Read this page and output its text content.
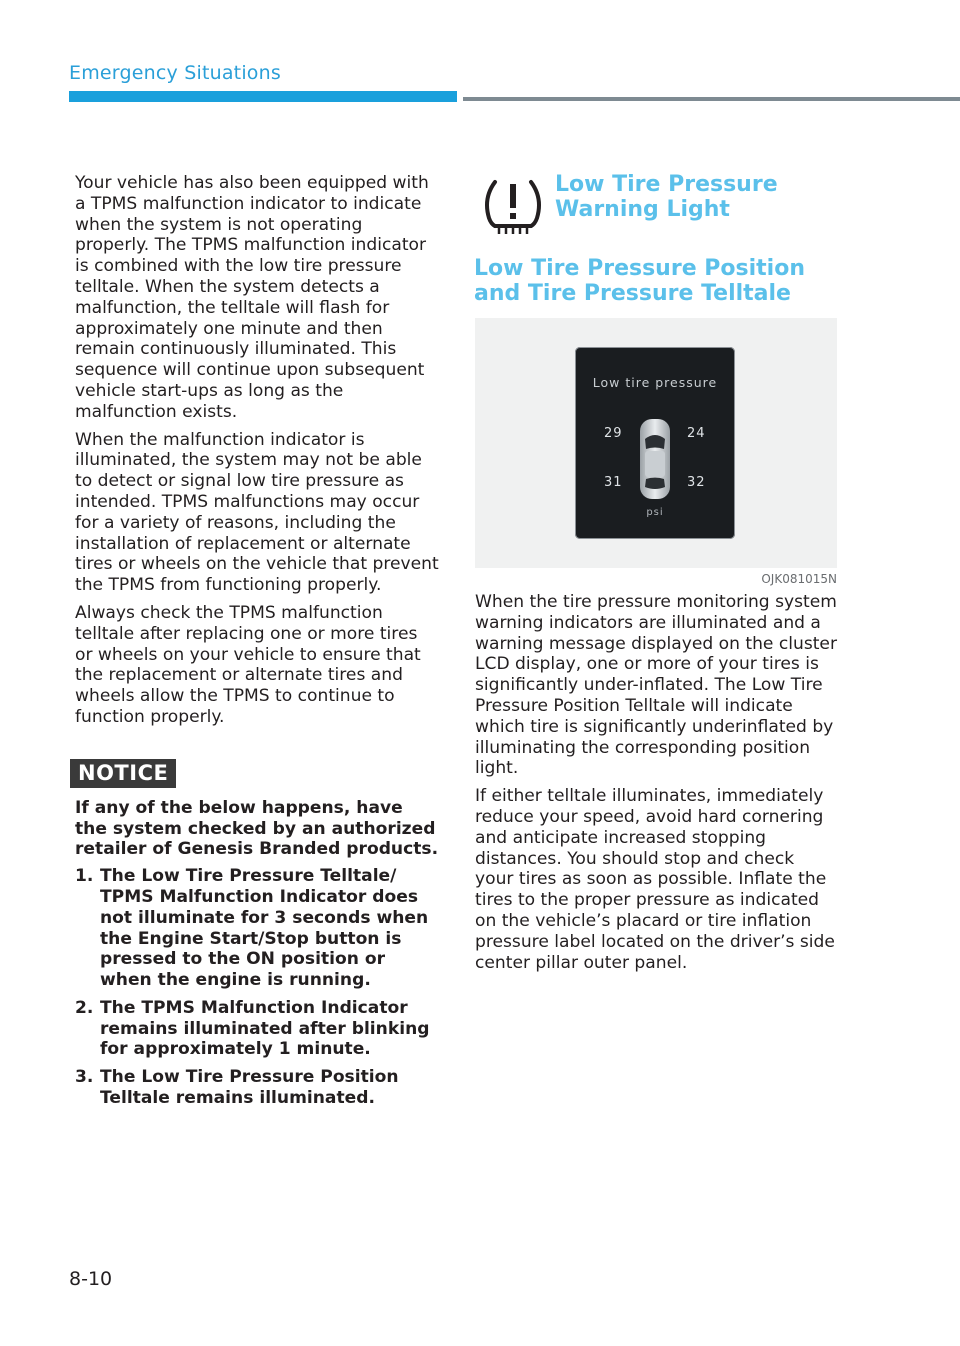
Emergency Situations

Your vehicle has also been equipped with a TPMS malfunction indicator to indicate when the system is not operating properly. The TPMS malfunction indicator is combined with the low tire pressure telltale. When the system detects a malfunction, the telltale will flash for approximately one minute and then remain continuously illuminated. This sequence will continue upon subsequent vehicle start-ups as long as the malfunction exists.

When the malfunction indicator is illuminated, the system may not be able to detect or signal low tire pressure as intended. TPMS malfunctions may occur for a variety of reasons, including the installation of replacement or alternate tires or wheels on the vehicle that prevent the TPMS from functioning properly.

Always check the TPMS malfunction telltale after replacing one or more tires or wheels on your vehicle to ensure that the replacement or alternate tires and wheels allow the TPMS to continue to function properly.

NOTICE

If any of the below happens, have the system checked by an authorized retailer of Genesis Branded products.

1. The Low Tire Pressure Telltale/ TPMS Malfunction Indicator does not illuminate for 3 seconds when the Engine Start/Stop button is pressed to the ON position or when the engine is running.
2. The TPMS Malfunction Indicator remains illuminated after blinking for approximately 1 minute.
3. The Low Tire Pressure Position Telltale remains illuminated.
Low Tire Pressure Warning Light
Low Tire Pressure Position and Tire Pressure Telltale
Low tire pressure
29	24
31	32
psi
OJK081015N

When the tire pressure monitoring system warning indicators are illuminated and a warning message displayed on the cluster LCD display, one or more of your tires is significantly under-inflated. The Low Tire Pressure Position Telltale will indicate which tire is significantly underinflated by illuminating the corresponding position light.

If either telltale illuminates, immediately reduce your speed, avoid hard cornering and anticipate increased stopping distances. You should stop and check your tires as soon as possible. Inflate the tires to the proper pressure as indicated on the vehicle’s placard or tire inflation pressure label located on the driver’s side center pillar outer panel.

8-10
